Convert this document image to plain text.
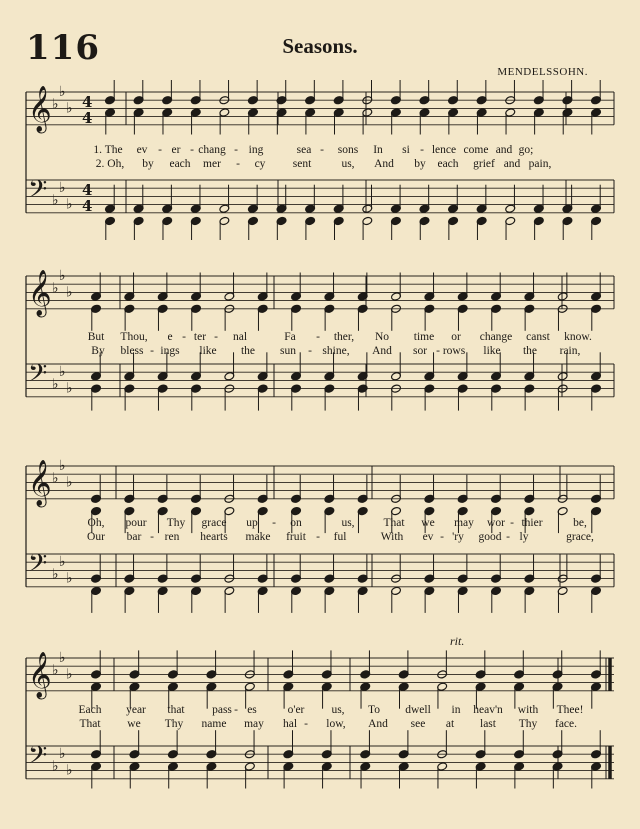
116	Seasons.
MENDELSSOHN.
𝄞 ♭
♭
♭ 4
4
𝄢 ♭
♭
♭
4
4
1. The ev - er - chang - ing	sea - sons In si - lence come and go;
2. Oh, by each mer - cy sent	us, And by each grief and pain,
𝄞 ♭
♭
♭
𝄢 ♭
♭
♭
But Thou, e - ter - nal	Fa - ther, No time or change canst know.
By bless - ings like the sun - shine, And sor - rows like the rain,
𝄞 ♭
♭
♭
𝄢 ♭
♭
♭
Oh, pour Thy grace up - on	us,	That we may wor - thier	be,
Our bar - ren hearts make fruit - ful	With ev - 'ry good - ly	grace,
𝄞 ♭
♭
♭
𝄢 ♭
♭
♭
rit.
Each year that pass - es	o'er us, To dwell in heav'n with Thee!
That we Thy name may hal - low, And see at last Thy face.
